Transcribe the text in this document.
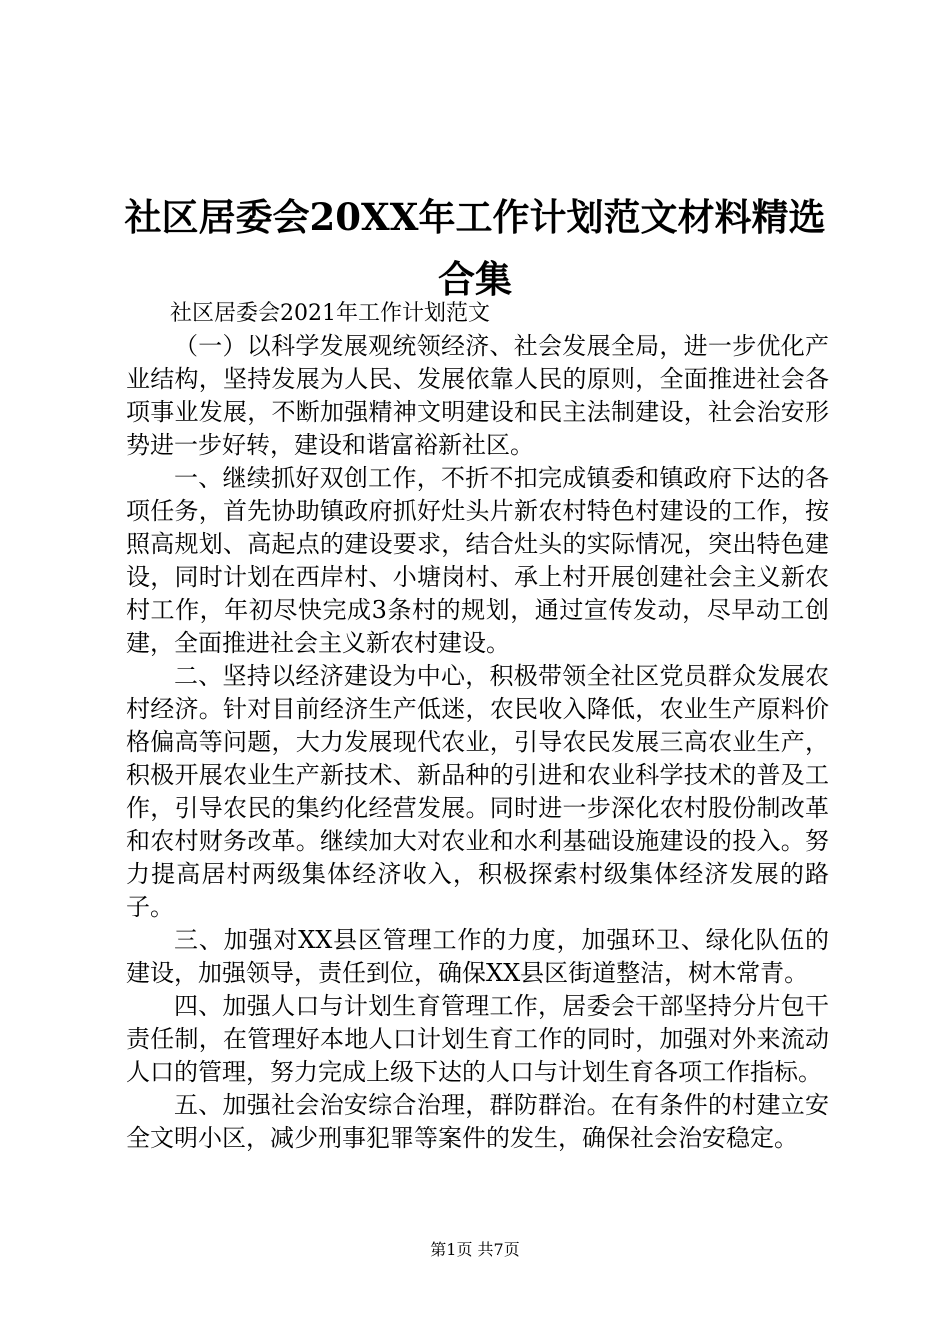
社区居委会20XX年工作计划范文材料精选合集

社区居委会2021年工作计划范文

（一）以科学发展观统领经济、社会发展全局，进一步优化产业结构，坚持发展为人民、发展依靠人民的原则，全面推进社会各项事业发展，不断加强精神文明建设和民主法制建设，社会治安形势进一步好转，建设和谐富裕新社区。

一、继续抓好双创工作，不折不扣完成镇委和镇政府下达的各项任务，首先协助镇政府抓好灶头片新农村特色村建设的工作，按照高规划、高起点的建设要求，结合灶头的实际情况，突出特色建设，同时计划在西岸村、小塘岗村、承上村开展创建社会主义新农村工作，年初尽快完成3条村的规划，通过宣传发动，尽早动工创建，全面推进社会主义新农村建设。

二、坚持以经济建设为中心，积极带领全社区党员群众发展农村经济。针对目前经济生产低迷，农民收入降低，农业生产原料价格偏高等问题，大力发展现代农业，引导农民发展三高农业生产，积极开展农业生产新技术、新品种的引进和农业科学技术的普及工作，引导农民的集约化经营发展。同时进一步深化农村股份制改革和农村财务改革。继续加大对农业和水利基础设施建设的投入。努力提高居村两级集体经济收入，积极探索村级集体经济发展的路子。

三、加强对XX县区管理工作的力度，加强环卫、绿化队伍的建设，加强领导，责任到位，确保XX县区街道整洁，树木常青。

四、加强人口与计划生育管理工作，居委会干部坚持分片包干责任制，在管理好本地人口计划生育工作的同时，加强对外来流动人口的管理，努力完成上级下达的人口与计划生育各项工作指标。

五、加强社会治安综合治理，群防群治。在有条件的村建立安全文明小区，减少刑事犯罪等案件的发生，确保社会治安稳定。

第1页 共7页
